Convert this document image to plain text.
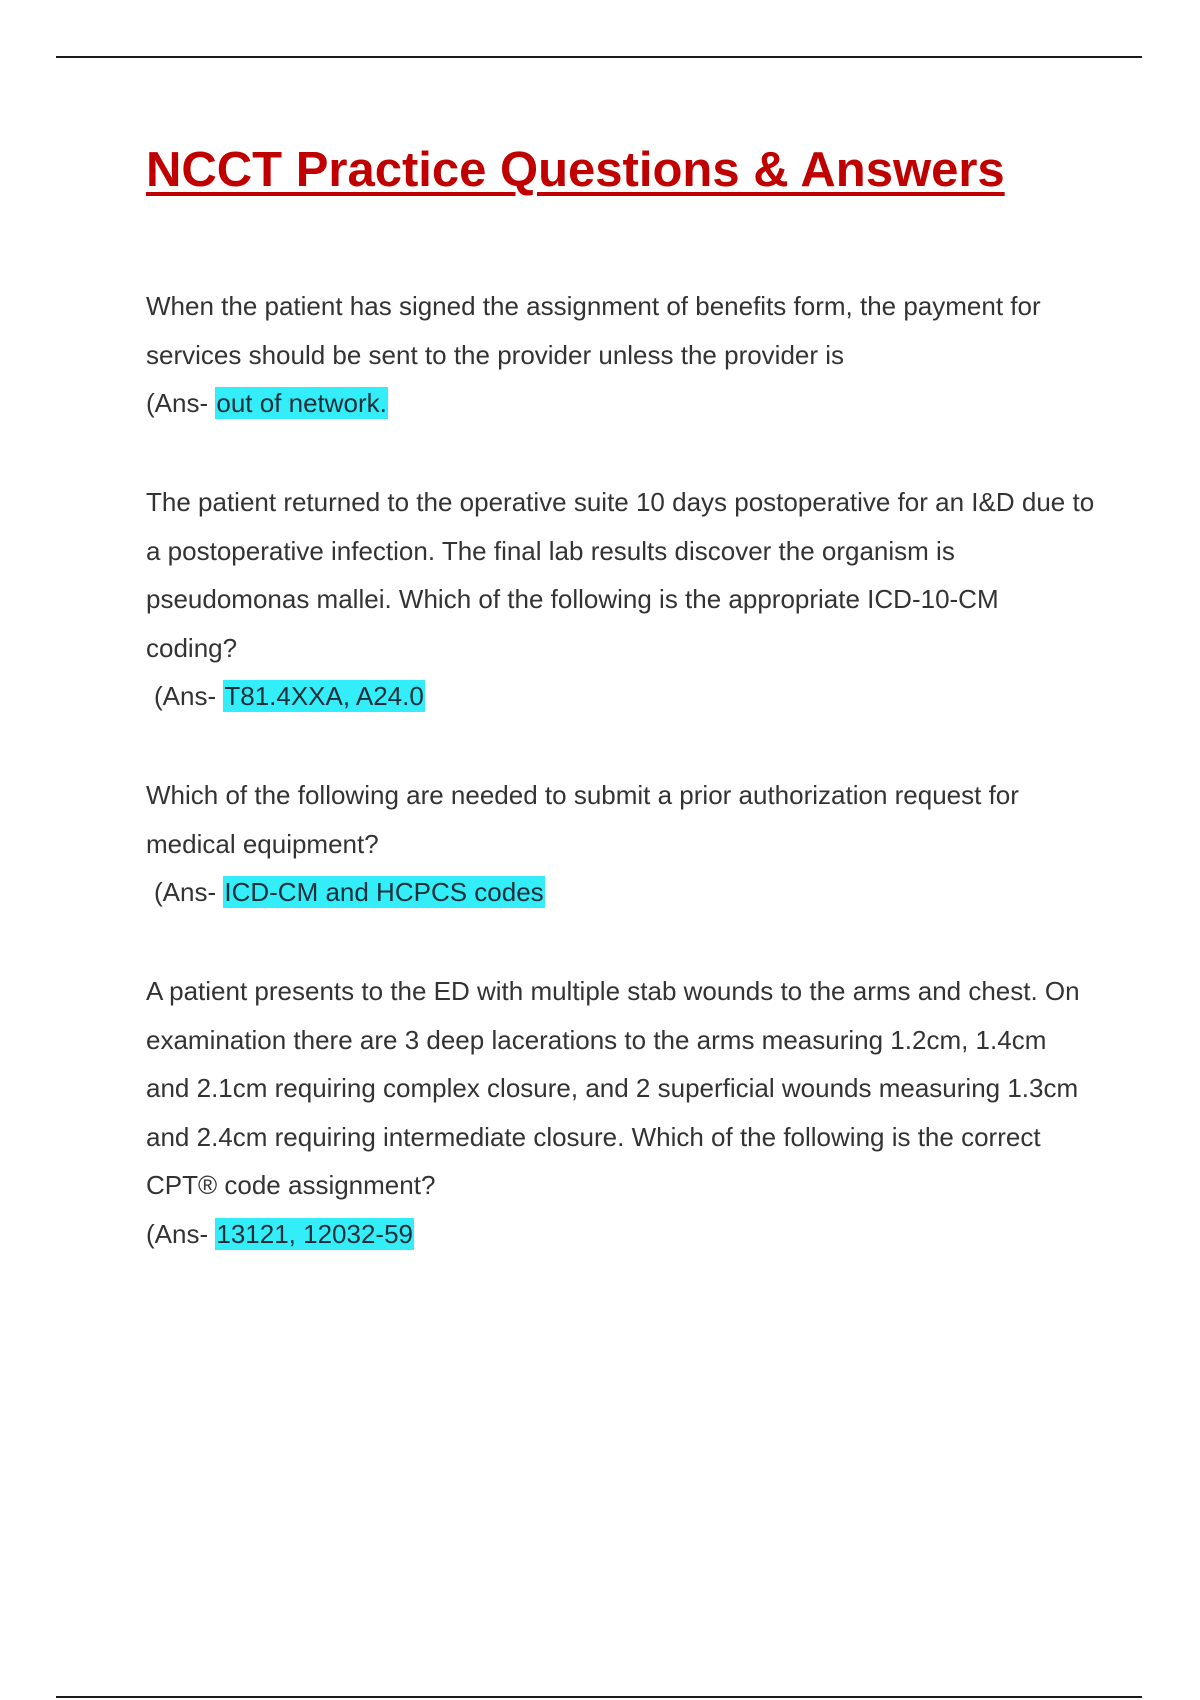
NCCT Practice Questions & Answers

When the patient has signed the assignment of benefits form, the payment for services should be sent to the provider unless the provider is

(Ans- out of network.

The patient returned to the operative suite 10 days postoperative for an I&D due to a postoperative infection. The final lab results discover the organism is pseudomonas mallei. Which of the following is the appropriate ICD-10-CM coding?

(Ans- T81.4XXA, A24.0

Which of the following are needed to submit a prior authorization request for medical equipment?

(Ans- ICD-CM and HCPCS codes

A patient presents to the ED with multiple stab wounds to the arms and chest. On examination there are 3 deep lacerations to the arms measuring 1.2cm, 1.4cm and 2.1cm requiring complex closure, and 2 superficial wounds measuring 1.3cm and 2.4cm requiring intermediate closure. Which of the following is the correct CPT® code assignment?

(Ans- 13121, 12032-59
